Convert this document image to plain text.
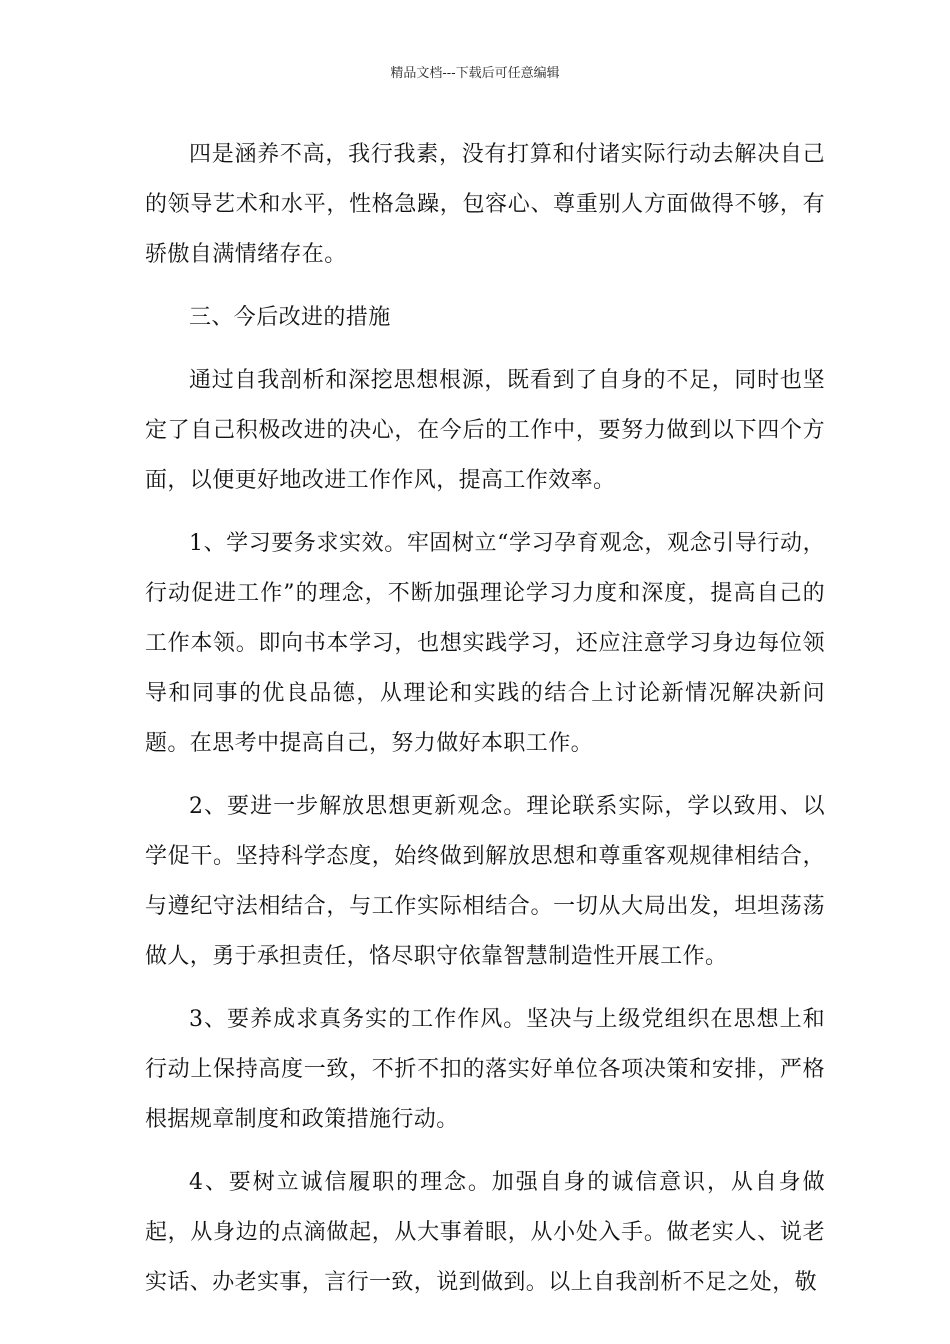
精品文档---下载后可任意编辑

四是涵养不高，我行我素，没有打算和付诸实际行动去解决自己的领导艺术和水平，性格急躁，包容心、尊重别人方面做得不够，有骄傲自满情绪存在。

三、今后改进的措施

通过自我剖析和深挖思想根源，既看到了自身的不足，同时也坚定了自己积极改进的决心，在今后的工作中，要努力做到以下四个方面，以便更好地改进工作作风，提高工作效率。

1、学习要务求实效。牢固树立“学习孕育观念，观念引导行动，行动促进工作”的理念，不断加强理论学习力度和深度，提高自己的工作本领。即向书本学习，也想实践学习，还应注意学习身边每位领导和同事的优良品德，从理论和实践的结合上讨论新情况解决新问题。在思考中提高自己，努力做好本职工作。

2、要进一步解放思想更新观念。理论联系实际，学以致用、以学促干。坚持科学态度，始终做到解放思想和尊重客观规律相结合，与遵纪守法相结合，与工作实际相结合。一切从大局出发，坦坦荡荡做人，勇于承担责任，恪尽职守依靠智慧制造性开展工作。

3、要养成求真务实的工作作风。坚决与上级党组织在思想上和行动上保持高度一致，不折不扣的落实好单位各项决策和安排，严格根据规章制度和政策措施行动。

4、要树立诚信履职的理念。加强自身的诚信意识，从自身做起，从身边的点滴做起，从大事着眼，从小处入手。做老实人、说老实话、办老实事，言行一致，说到做到。以上自我剖析不足之处，敬
